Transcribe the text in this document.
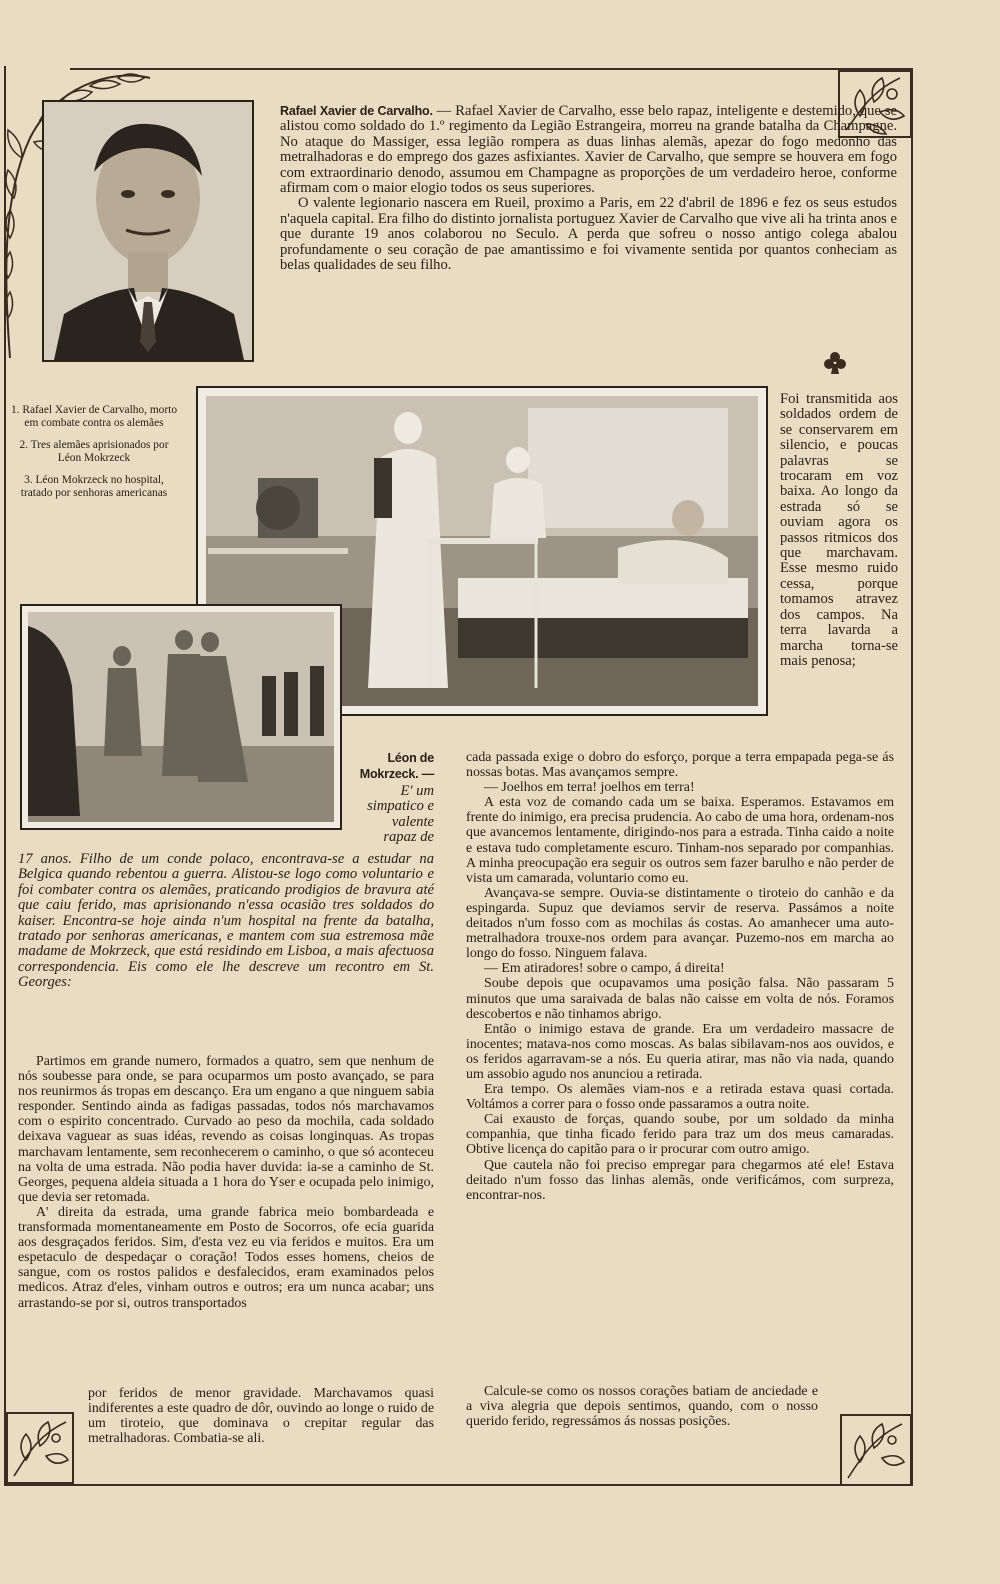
Rafael Xavier de Carvalho. — Rafael Xavier de Carvalho, esse belo rapaz, inteligente e destemido, que se alistou como soldado do 1.º regimento da Legião Estrangeira, morreu na grande batalha da Champagne. No ataque do Massiger, essa legião rompera as duas linhas alemãs, apezar do fogo medonho das metralhadoras e do emprego dos gazes asfixiantes. Xavier de Carvalho, que sempre se houvera em fogo com extraordinario denodo, assumou em Champagne as proporções de um verdadeiro heroe, conforme afirmam com o maior elogio todos os seus superiores.

O valente legionario nascera em Rueil, proximo a Paris, em 22 d'abril de 1896 e fez os seus estudos n'aquela capital. Era filho do distinto jornalista portuguez Xavier de Carvalho que vive ali ha trinta anos e que durante 19 anos colaborou no Seculo. A perda que sofreu o nosso antigo colega abalou profundamente o seu coração de pae amantissimo e foi vivamente sentida por quantos conheciam as belas qualidades de seu filho.

1. Rafael Xavier de Carvalho, morto em combate contra os alemães

2. Tres alemães aprisionados por Léon Mokrzeck

3. Léon Mokrzeck no hospital, tratado por senhoras americanas

Foi transmitida aos soldados ordem de se conservarem em silencio, e poucas palavras se trocaram em voz baixa. Ao longo da estrada só se ouviam agora os passos ritmicos dos que marchavam. Esse mesmo ruido cessa, porque tomamos atravez dos campos. Na terra lavarda a marcha torna-se mais penosa;

Léon de Mokrzeck. —
E' um simpatico e valente rapaz de

17 anos. Filho de um conde polaco, encontrava-se a estudar na Belgica quando rebentou a guerra. Alistou-se logo como voluntario e foi combater contra os alemães, praticando prodigios de bravura até que caiu ferido, mas aprisionando n'essa ocasião tres soldados do kaiser. Encontra-se hoje ainda n'um hospital na frente da batalha, tratado por senhoras americanas, e mantem com sua estremosa mãe madame de Mokrzeck, que está residindo em Lisboa, a mais afectuosa correspondencia. Eis como ele lhe descreve um recontro em St. Georges:

Partimos em grande numero, formados a quatro, sem que nenhum de nós soubesse para onde, se para ocuparmos um posto avançado, se para nos reunirmos ás tropas em descanço. Era um engano a que ninguem sabia responder. Sentindo ainda as fadigas passadas, todos nós marchavamos com o espirito concentrado. Curvado ao peso da mochila, cada soldado deixava vaguear as suas idéas, revendo as coisas longinquas. As tropas marchavam lentamente, sem reconhecerem o caminho, o que só aconteceu na volta de uma estrada. Não podia haver duvida: ia-se a caminho de St. Georges, pequena aldeia situada a 1 hora do Yser e ocupada pelo inimigo, que devia ser retomada.

A' direita da estrada, uma grande fabrica meio bombardeada e transformada momentaneamente em Posto de Socorros, ofe ecia guarida aos desgraçados feridos. Sim, d'esta vez eu via feridos e muitos. Era um espetaculo de despedaçar o coração! Todos esses homens, cheios de sangue, com os rostos palidos e desfalecidos, eram examinados pelos medicos. Atraz d'eles, vinham outros e outros; era um nunca acabar; uns arrastando-se por si, outros transportados

por feridos de menor gravidade. Marchavamos quasi indiferentes a este quadro de dôr, ouvindo ao longe o ruido de um tiroteio, que dominava o crepitar regular das metralhadoras. Combatia-se ali.

cada passada exige o dobro do esforço, porque a terra empapada pega-se ás nossas botas. Mas avançamos sempre.

— Joelhos em terra! joelhos em terra!

A esta voz de comando cada um se baixa. Esperamos. Estavamos em frente do inimigo, era precisa prudencia. Ao cabo de uma hora, ordenam-nos que avancemos lentamente, dirigindo-nos para a estrada. Tinha caido a noite e estava tudo completamente escuro. Tinham-nos separado por companhias. A minha preocupação era seguir os outros sem fazer barulho e não perder de vista um camarada, voluntario como eu.

Avançava-se sempre. Ouvia-se distintamente o tiroteio do canhão e da espingarda. Supuz que deviamos servir de reserva. Passámos a noite deitados n'um fosso com as mochilas ás costas. Ao amanhecer uma auto-metralhadora trouxe-nos ordem para avançar. Puzemo-nos em marcha ao longo do fosso. Ninguem falava.

— Em atiradores! sobre o campo, á direita!

Soube depois que ocupavamos uma posição falsa. Não passaram 5 minutos que uma saraivada de balas não caisse em volta de nós. Foramos descobertos e não tinhamos abrigo.

Então o inimigo estava de grande. Era um verdadeiro massacre de inocentes; matava-nos como moscas. As balas sibilavam-nos aos ouvidos, e os feridos agarravam-se a nós. Eu queria atirar, mas não via nada, quando um assobio agudo nos anunciou a retirada.

Era tempo. Os alemães viam-nos e a retirada estava quasi cortada. Voltámos a correr para o fosso onde passaramos a outra noite.

Cai exausto de forças, quando soube, por um soldado da minha companhia, que tinha ficado ferido para traz um dos meus camaradas. Obtive licença do capitão para o ir procurar com outro amigo.

Que cautela não foi preciso empregar para chegarmos até ele! Estava deitado n'um fosso das linhas alemãs, onde verificámos, com surpreza, encontrar-nos.

Calcule-se como os nossos corações batiam de anciedade e a viva alegria que depois sentimos, quando, com o nosso querido ferido, regressámos ás nossas posições.
